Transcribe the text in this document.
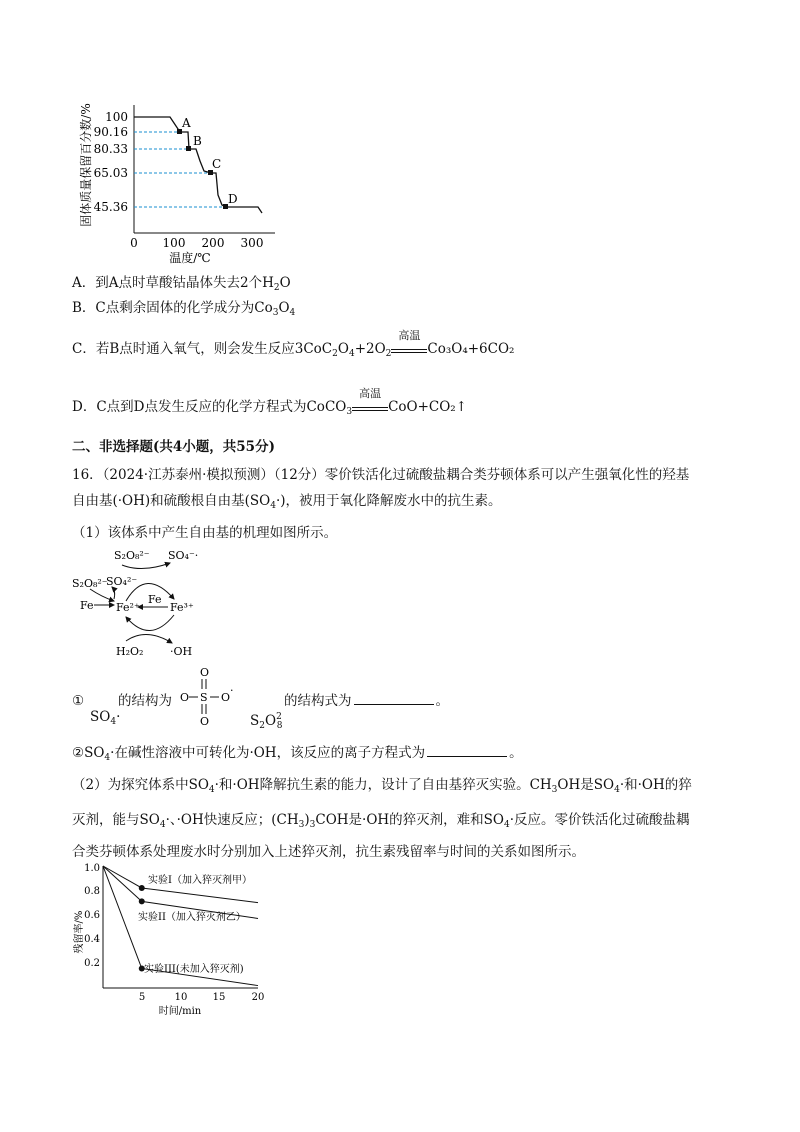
固体质量保留百分数/% 100
90.16
80.33
65.03
45.36
A
B
C
D
0 100 200 300
温度/℃
A．到A点时草酸钴晶体失去2个$H_2O$
B．C点剩余固体的化学成分为$Co_3O_4$
C．若B点时通入氧气，则会发生反应$3CoC_2O_4+2O_2$
高温
Co₃O₄+6CO₂
D．C点到D点发生反应的化学方程式为CoCO$_3$
高温
CoO+CO₂↑
二、非选择题(共4小题，共55分)
16．（2024·江苏泰州·模拟预测）（12分）零价铁活化过硫酸盐耦合类芬顿体系可以产生强氧化性的羟基
自由基(·OH)和硫酸根自由基$(SO_4\cdot)$，被用于氧化降解废水中的抗生素。
（1）该体系中产生自由基的机理如图所示。
S₂O₈²⁻ SO₄⁻·
S₂O₈²⁻
SO₄²⁻
Fe Fe²⁺
Fe
Fe³⁺
H₂O₂ ·OH
①
$SO_4\cdot$
的结构为
O
O S O
·
O	$S_2O^2_8$
的结构式为	。
$②SO_4\cdot$在碱性溶液中可转化为·OH，该反应的离子方程式为	。
（2）为探究体系中$SO_4\cdot$和·OH降解抗生素的能力，设计了自由基猝灭实验。$CH_3OH$是$SO_4\cdot$和·OH的猝
灭剂，能与$SO_4\cdot$、·OH快速反应；$(CH_3)_3COH$是·OH的猝灭剂，难和$SO_4\cdot$反应。零价铁活化过硫酸盐耦
合类芬顿体系处理废水时分别加入上述猝灭剂，抗生素残留率与时间的关系如图所示。
残留率/%
1.0
0.8
0.6
0.4
0.2
5	10	15	20
时间/min
实验I（加入猝灭剂甲）
实验II（加入猝灭剂乙）
实验III(未加入猝灭剂)
